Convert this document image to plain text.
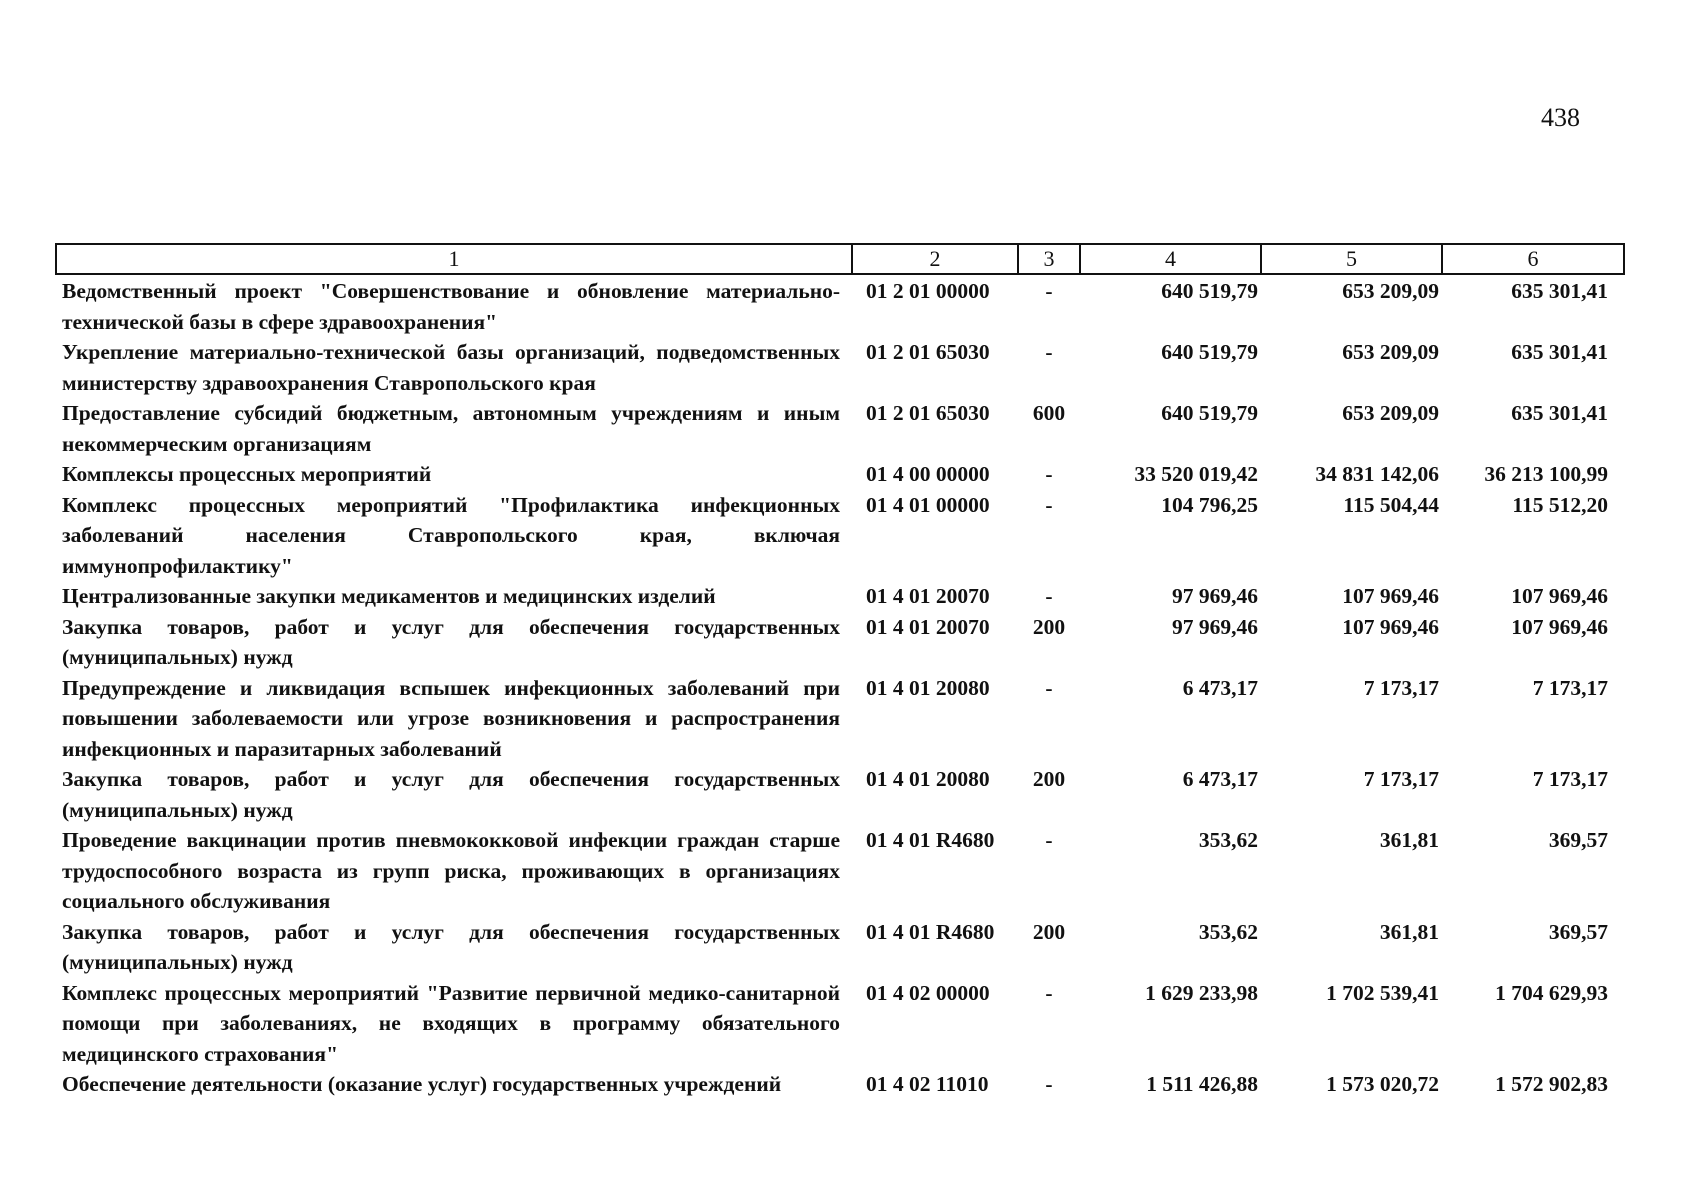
438
1	2	3	4	5	6
Ведомственный проект "Совершенствование и обновление материально-технической базы в сфере здравоохранения"	01 2 01 00000	-	640 519,79	653 209,09	635 301,41
Укрепление материально-технической базы организаций, подведомственных министерству здравоохранения Ставропольского края	01 2 01 65030	-	640 519,79	653 209,09	635 301,41
Предоставление субсидий бюджетным, автономным учреждениям и иным некоммерческим организациям	01 2 01 65030	600	640 519,79	653 209,09	635 301,41
Комплексы процессных мероприятий	01 4 00 00000	-	33 520 019,42	34 831 142,06	36 213 100,99
Комплекс процессных мероприятий "Профилактика инфекционных заболеваний населения Ставропольского края, включая иммунопрофилактику"	01 4 01 00000	-	104 796,25	115 504,44	115 512,20
Централизованные закупки медикаментов и медицинских изделий	01 4 01 20070	-	97 969,46	107 969,46	107 969,46
Закупка товаров, работ и услуг для обеспечения государственных (муниципальных) нужд	01 4 01 20070	200	97 969,46	107 969,46	107 969,46
Предупреждение и ликвидация вспышек инфекционных заболеваний при повышении заболеваемости или угрозе возникновения и распространения инфекционных и паразитарных заболеваний	01 4 01 20080	-	6 473,17	7 173,17	7 173,17
Закупка товаров, работ и услуг для обеспечения государственных (муниципальных) нужд	01 4 01 20080	200	6 473,17	7 173,17	7 173,17
Проведение вакцинации против пневмококковой инфекции граждан старше трудоспособного возраста из групп риска, проживающих в организациях социального обслуживания	01 4 01 R4680	-	353,62	361,81	369,57
Закупка товаров, работ и услуг для обеспечения государственных (муниципальных) нужд	01 4 01 R4680	200	353,62	361,81	369,57
Комплекс процессных мероприятий "Развитие первичной медико-санитарной помощи при заболеваниях, не входящих в программу обязательного медицинского страхования"	01 4 02 00000	-	1 629 233,98	1 702 539,41	1 704 629,93
Обеспечение деятельности (оказание услуг) государственных учреждений	01 4 02 11010	-	1 511 426,88	1 573 020,72	1 572 902,83
